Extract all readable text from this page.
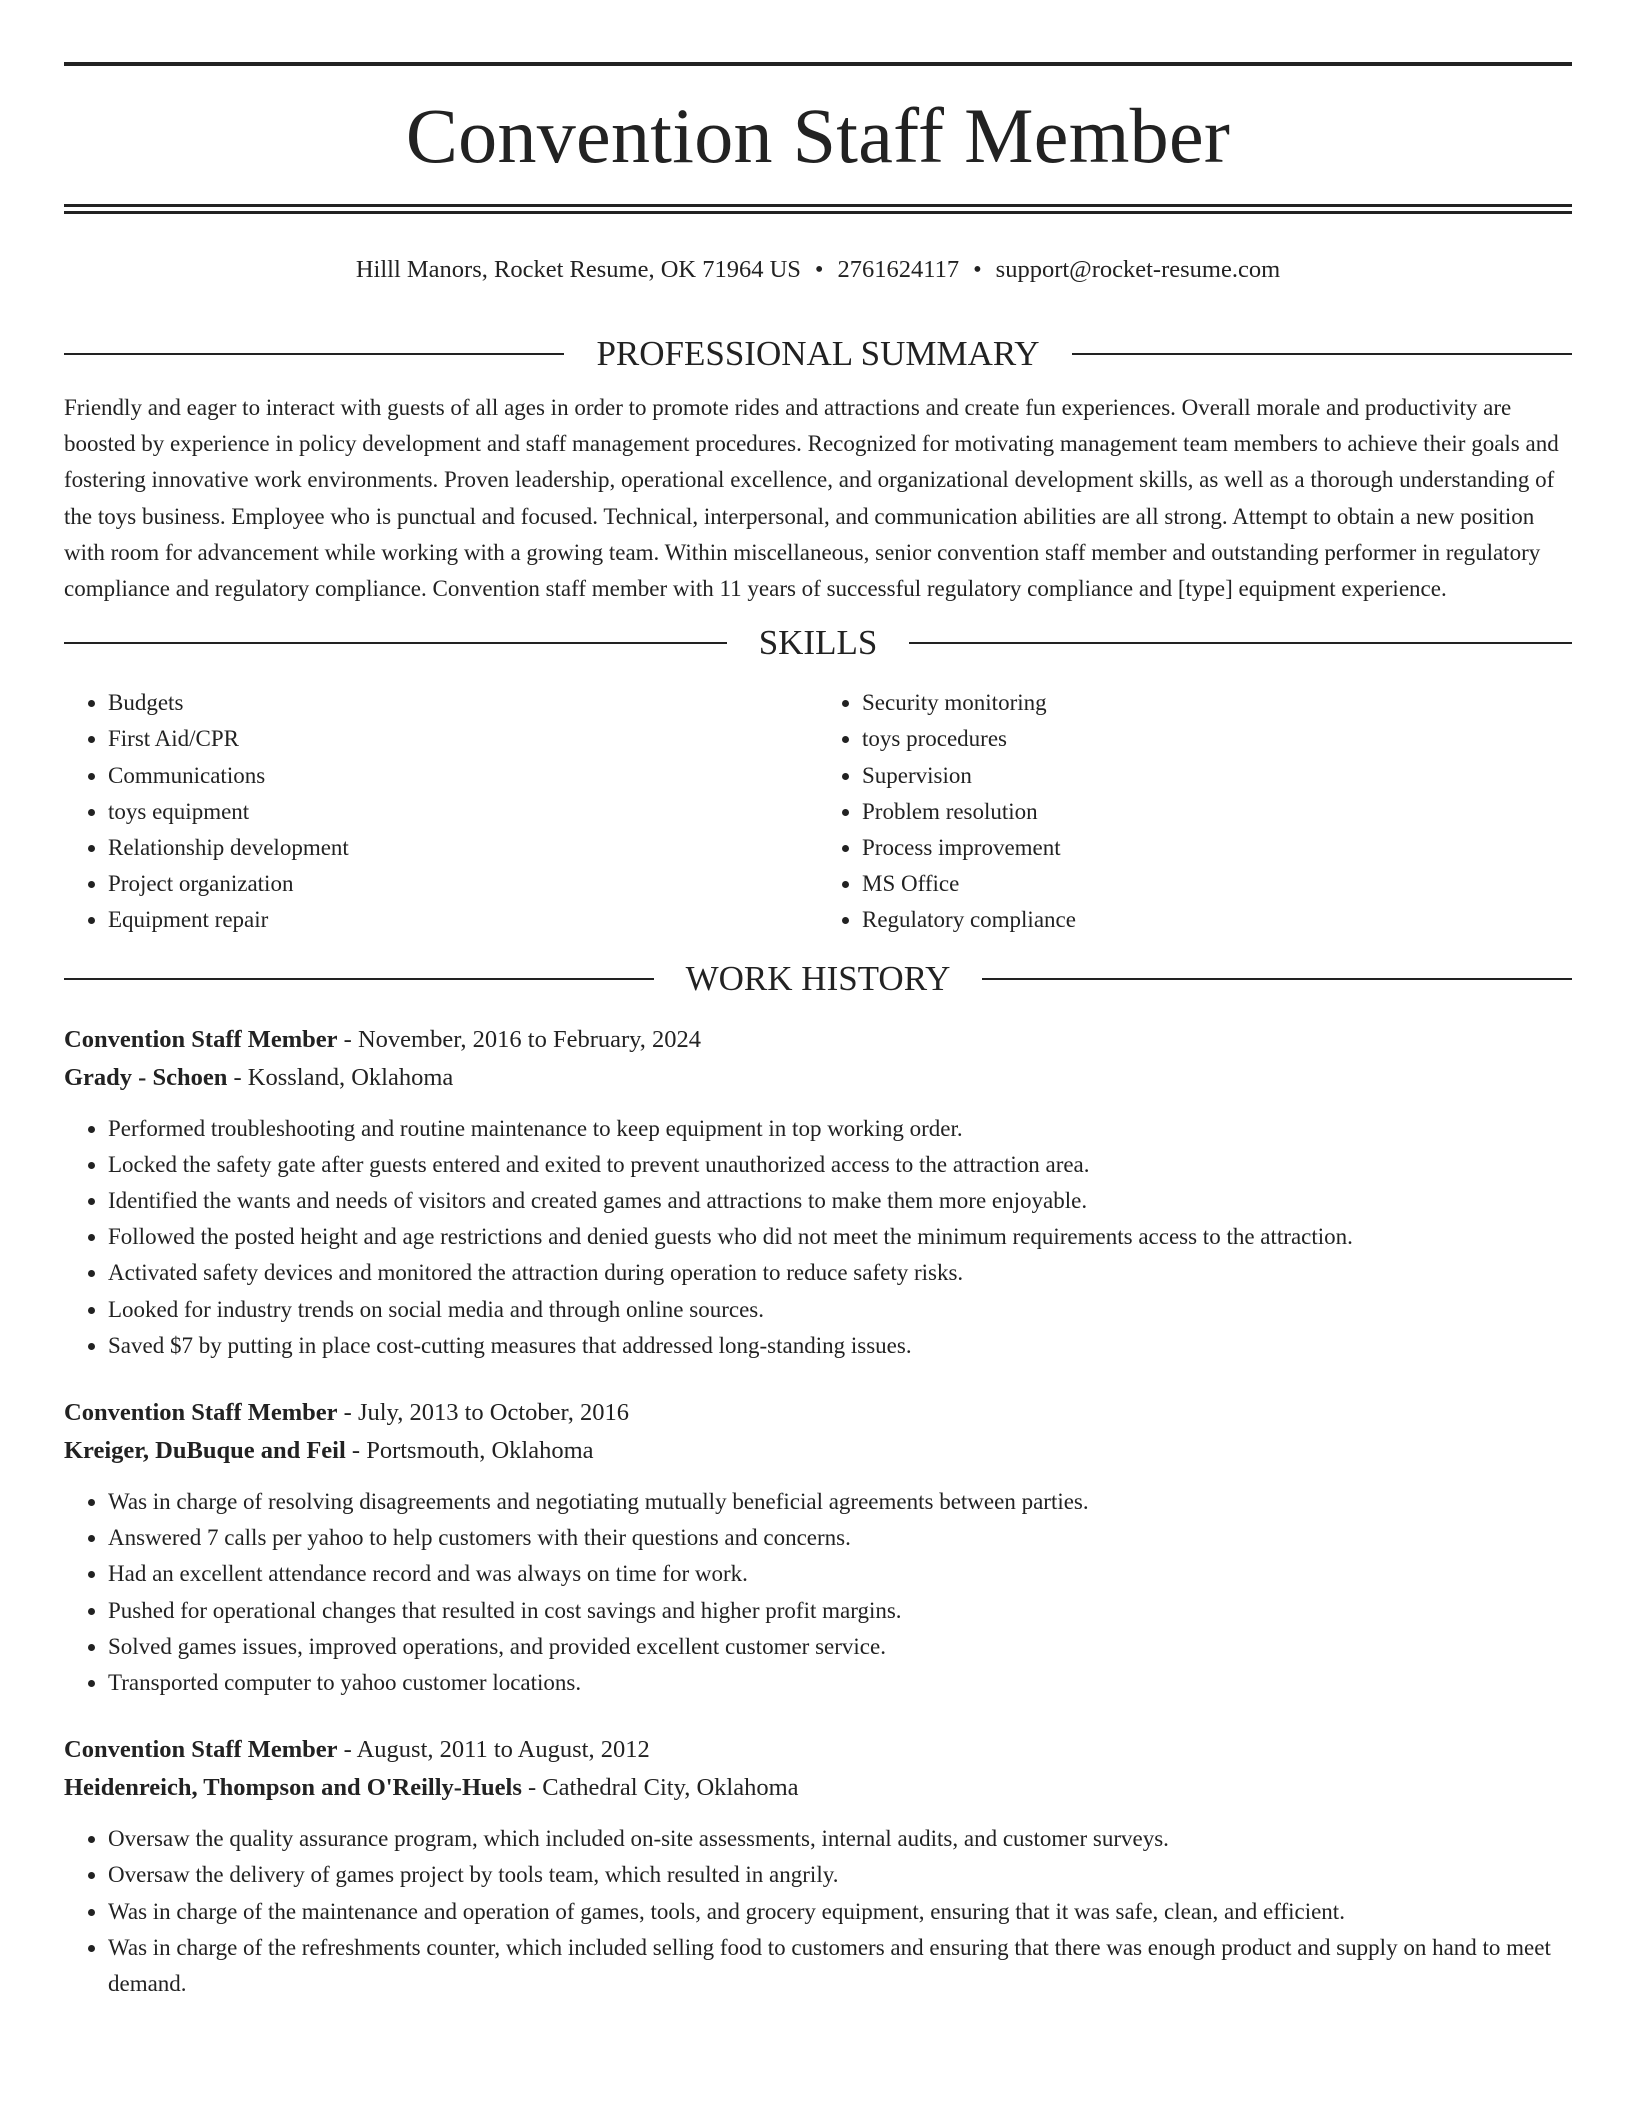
Convention Staff Member
Hilll Manors, Rocket Resume, OK 71964 US • 2761624117 • support@rocket-resume.com
PROFESSIONAL SUMMARY

Friendly and eager to interact with guests of all ages in order to promote rides and attractions and create fun experiences. Overall morale and productivity are boosted by experience in policy development and staff management procedures. Recognized for motivating management team members to achieve their goals and fostering innovative work environments. Proven leadership, operational excellence, and organizational development skills, as well as a thorough understanding of the toys business. Employee who is punctual and focused. Technical, interpersonal, and communication abilities are all strong. Attempt to obtain a new position with room for advancement while working with a growing team. Within miscellaneous, senior convention staff member and outstanding performer in regulatory compliance and regulatory compliance. Convention staff member with 11 years of successful regulatory compliance and [type] equipment experience.

SKILLS
• Budgets
• First Aid/CPR
• Communications
• toys equipment
• Relationship development
• Project organization
• Equipment repair
• Security monitoring
• toys procedures
• Supervision
• Problem resolution
• Process improvement
• MS Office
• Regulatory compliance
WORK HISTORY
Convention Staff Member - November, 2016 to February, 2024
Grady - Schoen - Kossland, Oklahoma
• Performed troubleshooting and routine maintenance to keep equipment in top working order.
• Locked the safety gate after guests entered and exited to prevent unauthorized access to the attraction area.
• Identified the wants and needs of visitors and created games and attractions to make them more enjoyable.
• Followed the posted height and age restrictions and denied guests who did not meet the minimum requirements access to the attraction.
• Activated safety devices and monitored the attraction during operation to reduce safety risks.
• Looked for industry trends on social media and through online sources.
• Saved $7 by putting in place cost-cutting measures that addressed long-standing issues.
Convention Staff Member - July, 2013 to October, 2016
Kreiger, DuBuque and Feil - Portsmouth, Oklahoma
• Was in charge of resolving disagreements and negotiating mutually beneficial agreements between parties.
• Answered 7 calls per yahoo to help customers with their questions and concerns.
• Had an excellent attendance record and was always on time for work.
• Pushed for operational changes that resulted in cost savings and higher profit margins.
• Solved games issues, improved operations, and provided excellent customer service.
• Transported computer to yahoo customer locations.
Convention Staff Member - August, 2011 to August, 2012
Heidenreich, Thompson and O'Reilly-Huels - Cathedral City, Oklahoma
• Oversaw the quality assurance program, which included on-site assessments, internal audits, and customer surveys.
• Oversaw the delivery of games project by tools team, which resulted in angrily.
• Was in charge of the maintenance and operation of games, tools, and grocery equipment, ensuring that it was safe, clean, and efficient.
• Was in charge of the refreshments counter, which included selling food to customers and ensuring that there was enough product and supply on hand to meet demand.
